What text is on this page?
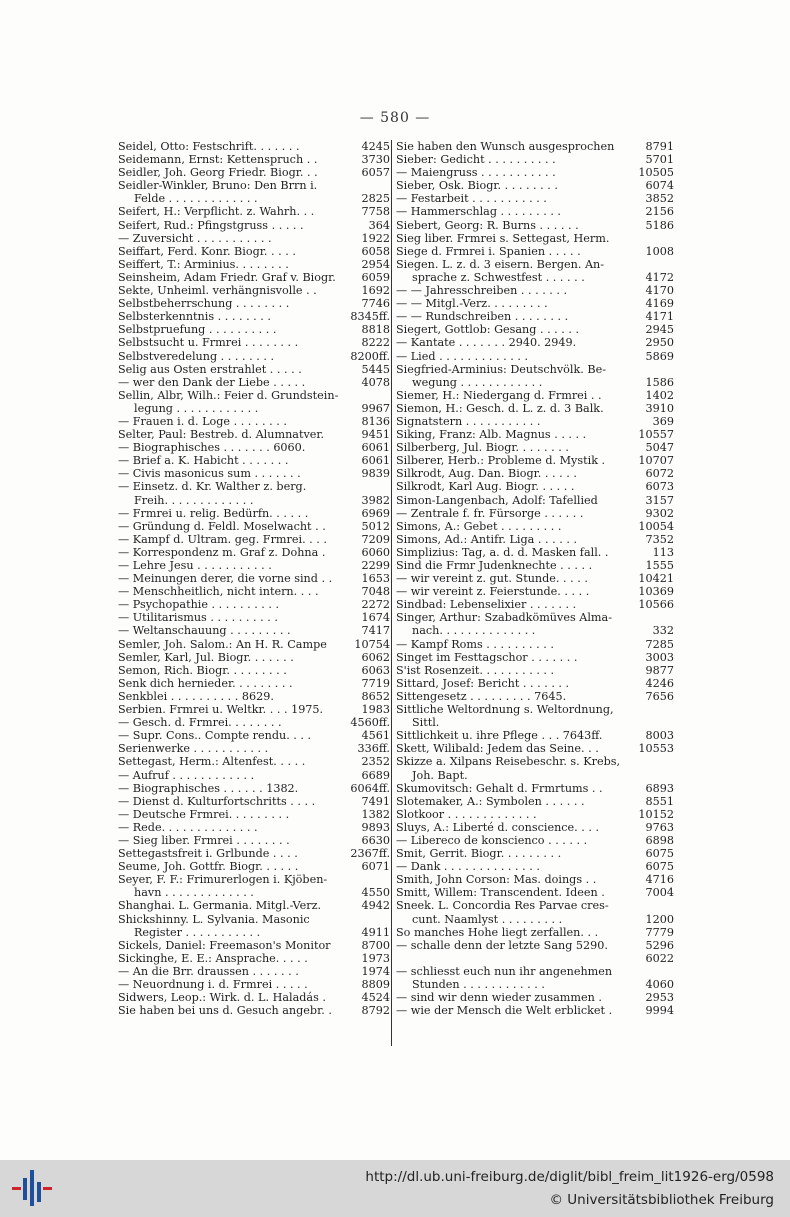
— 580 —
Seidel, Otto: Festschrift. . . . . . .	4245
Seidemann, Ernst: Kettenspruch . .	3730
Seidler, Joh. Georg Friedr. Biogr. . .	6057
Seidler-Winkler, Bruno: Den Brrn i.
Felde . . . . . . . . . . . . .	2825
Seifert, H.: Verpflicht. z. Wahrh. . .	7758
Seifert, Rud.: Pfingstgruss . . . . .	364
— Zuversicht . . . . . . . . . . .	1922
Seiffart, Ferd. Konr. Biogr. . . . .	6058
Seiffert, T.: Arminius. . . . . . . .	2954
Seinsheim, Adam Friedr. Graf v. Biogr.	6059
Sekte, Unheiml. verhängnisvolle . .	1692
Selbstbeherrschung . . . . . . . .	7746
Selbsterkenntnis . . . . . . . .	8345ff.
Selbstpruefung . . . . . . . . . .	8818
Selbstsucht u. Frmrei . . . . . . . .	8222
Selbstveredelung . . . . . . . .	8200ff.
Selig aus Osten erstrahlet . . . . .	5445
— wer den Dank der Liebe . . . . .	4078
Sellin, Albr, Wilh.: Feier d. Grundstein-
legung . . . . . . . . . . . .	9967
— Frauen i. d. Loge . . . . . . . .	8136
Selter, Paul: Bestreb. d. Alumnatver.	9451
— Biographisches . . . . . . . 6060.	6061
— Brief a. K. Habicht . . . . . . .	6061
— Civis masonicus sum . . . . . . .	9839
— Einsetz. d. Kr. Walther z. berg.
Freih. . . . . . . . . . . . .	3982
— Frmrei u. relig. Bedürfn. . . . . .	6969
— Gründung d. Feldl. Moselwacht . .	5012
— Kampf d. Ultram. geg. Frmrei. . . .	7209
— Korrespondenz m. Graf z. Dohna .	6060
— Lehre Jesu . . . . . . . . . . .	2299
— Meinungen derer, die vorne sind . .	1653
— Menschheitlich, nicht intern. . . .	7048
— Psychopathie . . . . . . . . . .	2272
— Utilitarismus . . . . . . . . . .	1674
— Weltanschauung . . . . . . . . .	7417
Semler, Joh. Salom.: An H. R. Campe	10754
Semler, Karl, Jul. Biogr. . . . . . .	6062
Semon, Rich. Biogr. . . . . . . . .	6063
Senk dich hernieder. . . . . . . . .	7719
Senkblei . . . . . . . . . . 8629.	8652
Serbien. Frmrei u. Weltkr. . . . 1975.	1983
— Gesch. d. Frmrei. . . . . . . .	4560ff.
— Supr. Cons.. Compte rendu. . . .	4561
Serienwerke . . . . . . . . . . .	336ff.
Settegast, Herm.: Altenfest. . . . .	2352
— Aufruf . . . . . . . . . . . .	6689
— Biographisches . . . . . . 1382.	6064ff.
— Dienst d. Kulturfortschritts . . . .	7491
— Deutsche Frmrei. . . . . . . . .	1382
— Rede. . . . . . . . . . . . . .	9893
— Sieg liber. Frmrei . . . . . . . .	6630
Settegastsfreit i. Grlbunde . . . .	2367ff.
Seume, Joh. Gottfr. Biogr. . . . . .	6071
Seyer, F. F.: Frimurerlogen i. Kjöben-
havn . . . . . . . . . . . . .	4550
Shanghai. L. Germania. Mitgl.-Verz.	4942
Shickshinny. L. Sylvania. Masonic
Register . . . . . . . . . . .	4911
Sickels, Daniel: Freemason's Monitor	8700
Sickinghe, E. E.: Ansprache. . . . .	1973
— An die Brr. draussen . . . . . . .	1974
— Neuordnung i. d. Frmrei . . . . .	8809
Sidwers, Leop.: Wirk. d. L. Haladás .	4524
Sie haben bei uns d. Gesuch angebr. .	8792
Sie haben den Wunsch ausgesprochen	8791
Sieber: Gedicht . . . . . . . . . .	5701
— Maiengruss . . . . . . . . . . .	10505
Sieber, Osk. Biogr. . . . . . . . .	6074
— Festarbeit . . . . . . . . . . .	3852
— Hammerschlag . . . . . . . . .	2156
Siebert, Georg: R. Burns . . . . . .	5186
Sieg liber. Frmrei s. Settegast, Herm.
Siege d. Frmrei i. Spanien . . . . .	1008
Siegen. L. z. d. 3 eisern. Bergen. An-
sprache z. Schwestfest . . . . . .	4172
— — Jahresschreiben . . . . . . .	4170
— — Mitgl.-Verz. . . . . . . . .	4169
— — Rundschreiben . . . . . . . .	4171
Siegert, Gottlob: Gesang . . . . . .	2945
— Kantate . . . . . . . 2940. 2949.	2950
— Lied . . . . . . . . . . . . .	5869
Siegfried-Arminius: Deutschvölk. Be-
wegung . . . . . . . . . . . .	1586
Siemer, H.: Niedergang d. Frmrei . .	1402
Siemon, H.: Gesch. d. L. z. d. 3 Balk.	3910
Signatstern . . . . . . . . . . .	369
Siking, Franz: Alb. Magnus . . . . .	10557
Silberberg, Jul. Biogr. . . . . . . .	5047
Silberer, Herb.: Probleme d. Mystik .	10707
Silkrodt, Aug. Dan. Biogr. . . . . .	6072
Silkrodt, Karl Aug. Biogr. . . . . .	6073
Simon-Langenbach, Adolf: Tafellied	3157
— Zentrale f. fr. Fürsorge . . . . . .	9302
Simons, A.: Gebet . . . . . . . . .	10054
Simons, Ad.: Antifr. Liga . . . . . .	7352
Simplizius: Tag, a. d. d. Masken fall. .	113
Sind die Frmr Judenknechte . . . . .	1555
— wir vereint z. gut. Stunde. . . . .	10421
— wir vereint z. Feierstunde. . . . .	10369
Sindbad: Lebenselixier . . . . . . .	10566
Singer, Arthur: Szabadkömüves Alma-
nach. . . . . . . . . . . . . .	332
— Kampf Roms . . . . . . . . . .	7285
Singet im Festtagschor . . . . . . .	3003
S'ist Rosenzeit. . . . . . . . . . .	9877
Sittard, Josef: Bericht . . . . . . .	4246
Sittengesetz . . . . . . . . . 7645.	7656
Sittliche Weltordnung s. Weltordnung,
Sittl.
Sittlichkeit u. ihre Pflege . . . 7643ff.	8003
Skett, Wilibald: Jedem das Seine. . .	10553
Skizze a. Xilpans Reisebeschr. s. Krebs,
Joh. Bapt.
Skumovitsch: Gehalt d. Frmrtums . .	6893
Slotemaker, A.: Symbolen . . . . . .	8551
Slotkoor . . . . . . . . . . . . .	10152
Sluys, A.: Liberté d. conscience. . . .	9763
— Libereco de konscienco . . . . . .	6898
Smit, Gerrit. Biogr. . . . . . . . .	6075
— Dank . . . . . . . . . . . . . .	6075
Smith, John Corson: Mas. doings . .	4716
Smitt, Willem: Transcendent. Ideen .	7004
Sneek. L. Concordia Res Parvae cres-
cunt. Naamlyst . . . . . . . . .	1200
So manches Hohe liegt zerfallen. . .	7779
— schalle denn der letzte Sang 5290.	5296
6022
— schliesst euch nun ihr angenehmen
Stunden . . . . . . . . . . . .	4060
— sind wir denn wieder zusammen .	2953
— wie der Mensch die Welt erblicket .	9994
http://dl.ub.uni-freiburg.de/diglit/bibl_freim_lit1926-erg/0598
© Universitätsbibliothek Freiburg
